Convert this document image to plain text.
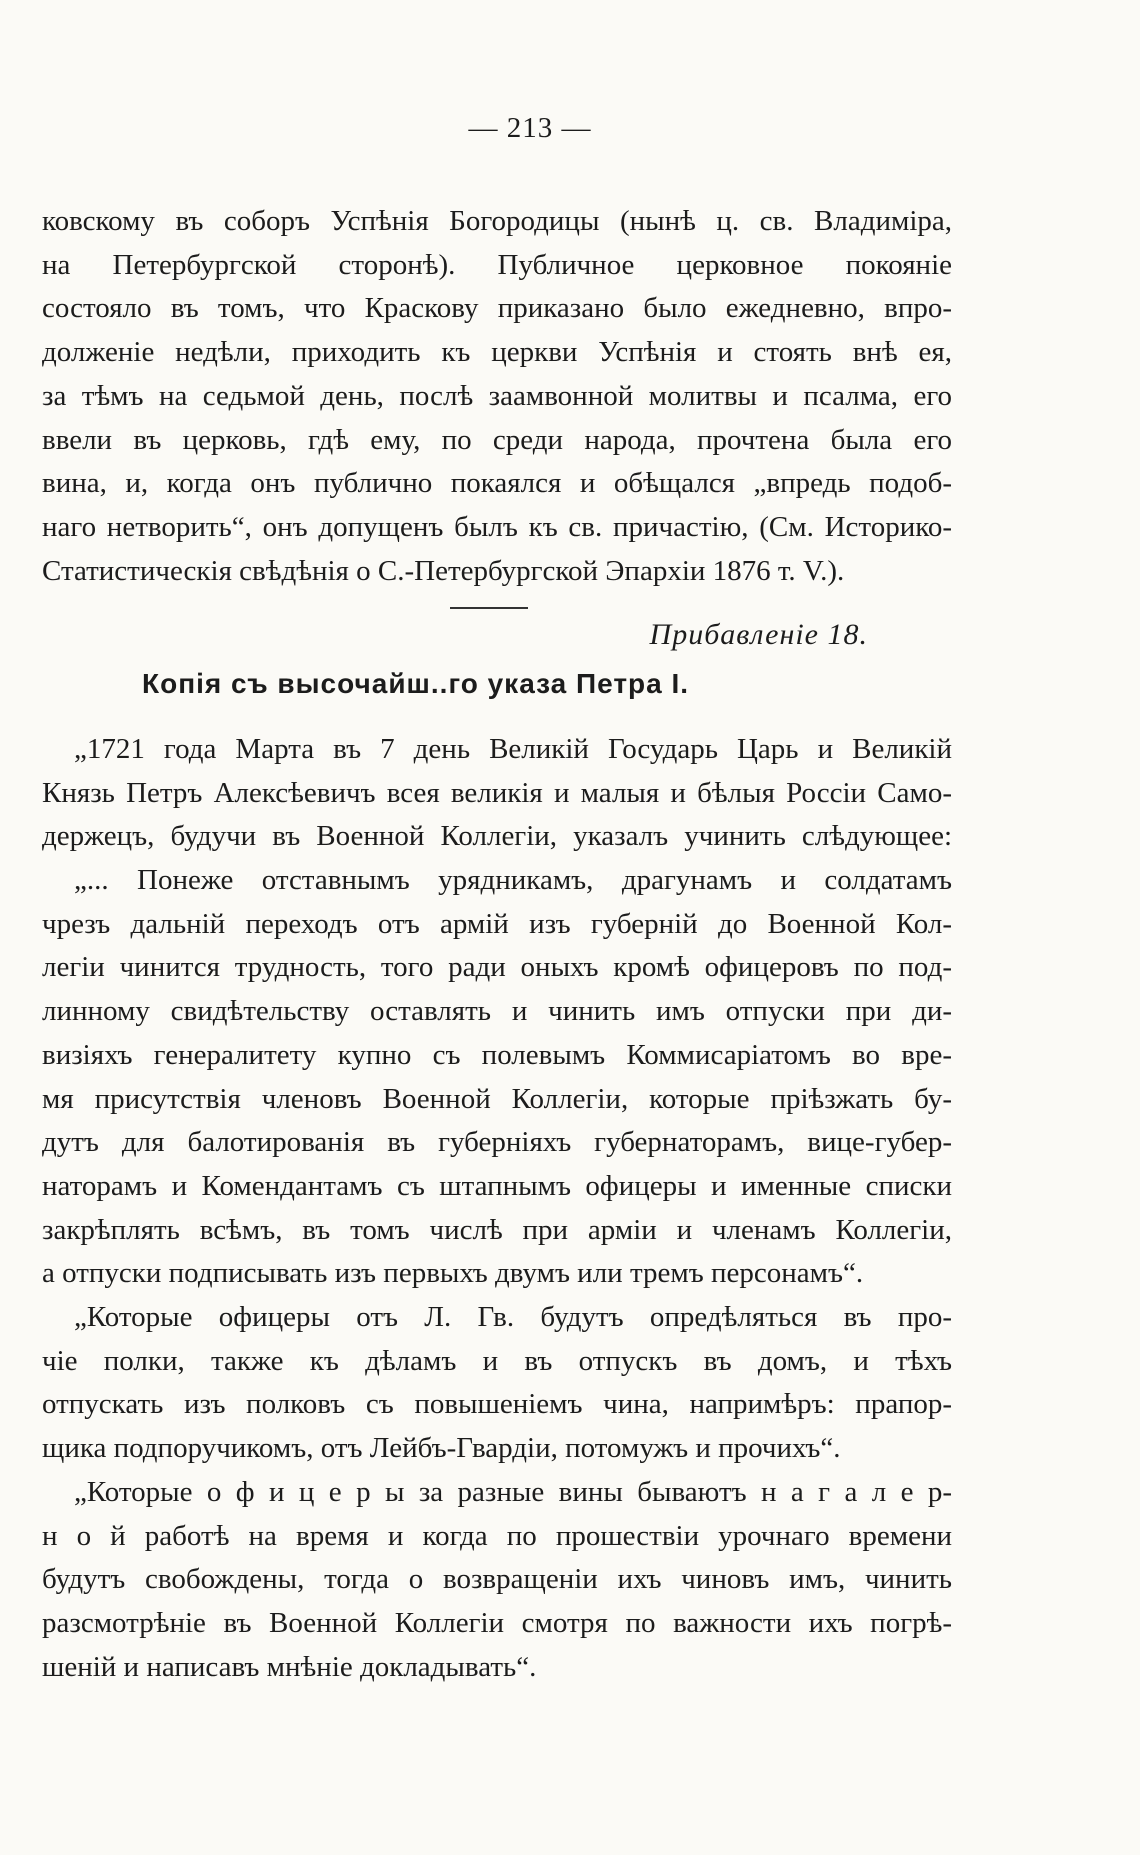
— 213 —
ковскому въ соборъ Успѣнія Богородицы (нынѣ ц. св. Владиміра,
на Петербургской сторонѣ). Публичное церковное покояніе
состояло въ томъ, что Краскову приказано было ежедневно, впро-
долженіе недѣли, приходить къ церкви Успѣнія и стоять внѣ ея,
за тѣмъ на седьмой день, послѣ заамвонной молитвы и псалма, его
ввели въ церковь, гдѣ ему, по среди народа, прочтена была его
вина, и, когда онъ публично покаялся и обѣщался „впредь подоб-
наго нетворить“, онъ допущенъ былъ къ св. причастію, (См. Историко-
Статистическія свѣдѣнія о С.-Петербургской Эпархіи 1876 т. V.).
Прибавленіе 18.
Копія съ высочайш..го указа Петра I.
„1721 года Марта въ 7 день Великій Государь Царь и Великій
Князь Петръ Алексѣевичъ всея великія и малыя и бѣлыя Россіи Само-
держецъ, будучи въ Военной Коллегіи, указалъ учинить слѣдующее:
„... Понеже отставнымъ урядникамъ, драгунамъ и солдатамъ
чрезъ дальній переходъ отъ армій изъ губерній до Военной Кол-
легіи чинится трудность, того ради оныхъ кромѣ офицеровъ по под-
линному свидѣтельству оставлять и чинить имъ отпуски при ди-
визіяхъ генералитету купно съ полевымъ Коммисаріатомъ во вре-
мя присутствія членовъ Военной Коллегіи, которые пріѣзжать бу-
дутъ для балотированія въ губерніяхъ губернаторамъ, вице-губер-
наторамъ и Комендантамъ съ штапнымъ офицеры и именные списки
закрѣплять всѣмъ, въ томъ числѣ при арміи и членамъ Коллегіи,
а отпуски подписывать изъ первыхъ двумъ или тремъ персонамъ“.
„Которые офицеры отъ Л. Гв. будутъ опредѣляться въ про-
чіе полки, также къ дѣламъ и въ отпускъ въ домъ, и тѣхъ
отпускать изъ полковъ съ повышеніемъ чина, напримѣръ: прапор-
щика подпоручикомъ, отъ Лейбъ-Гвардіи, потомужъ и прочихъ“.
„Которые о ф и ц е р ы за разные вины бываютъ н а г а л е р-
н о й работѣ на время и когда по прошествіи урочнаго времени
будутъ свобождены, тогда о возвращеніи ихъ чиновъ имъ, чинить
разсмотрѣніе въ Военной Коллегіи смотря по важности ихъ погрѣ-
шеній и написавъ мнѣніе докладывать“.
